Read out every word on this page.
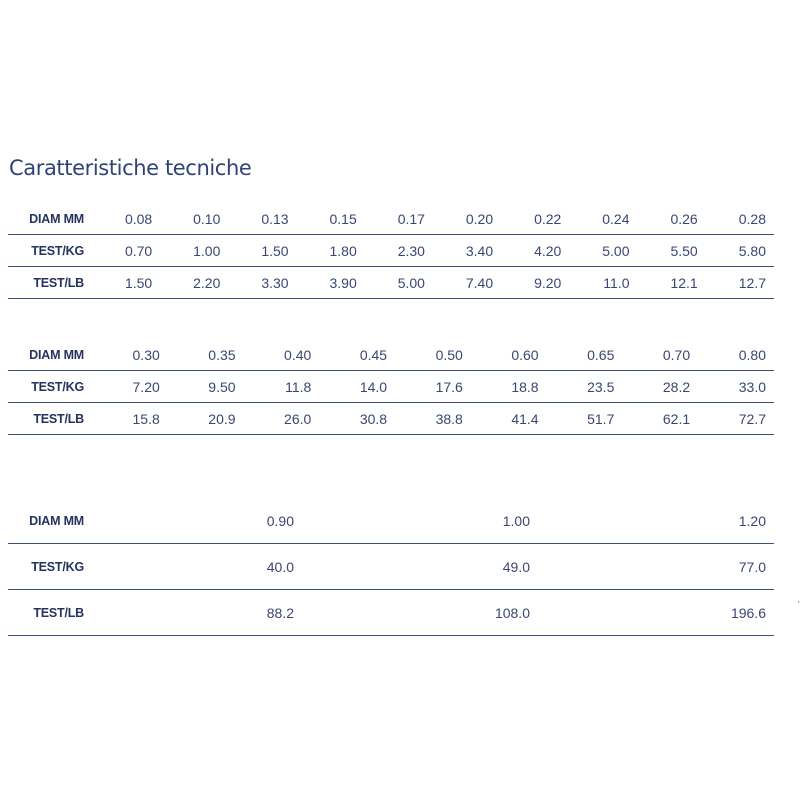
Caratteristiche tecniche
DIAM MM	0.08	0.10	0.13	0.15	0.17	0.20	0.22	0.24	0.26	0.28
TEST/KG	0.70	1.00	1.50	1.80	2.30	3.40	4.20	5.00	5.50	5.80
TEST/LB	1.50	2.20	3.30	3.90	5.00	7.40	9.20	11.0	12.1	12.7
DIAM MM	0.30	0.35	0.40	0.45	0.50	0.60	0.65	0.70	0.80
TEST/KG	7.20	9.50	11.8	14.0	17.6	18.8	23.5	28.2	33.0
TEST/LB	15.8	20.9	26.0	30.8	38.8	41.4	51.7	62.1	72.7
DIAM MM	0.90	1.00	1.20
TEST/KG	40.0	49.0	77.0
TEST/LB	88.2	108.0	196.6	'
